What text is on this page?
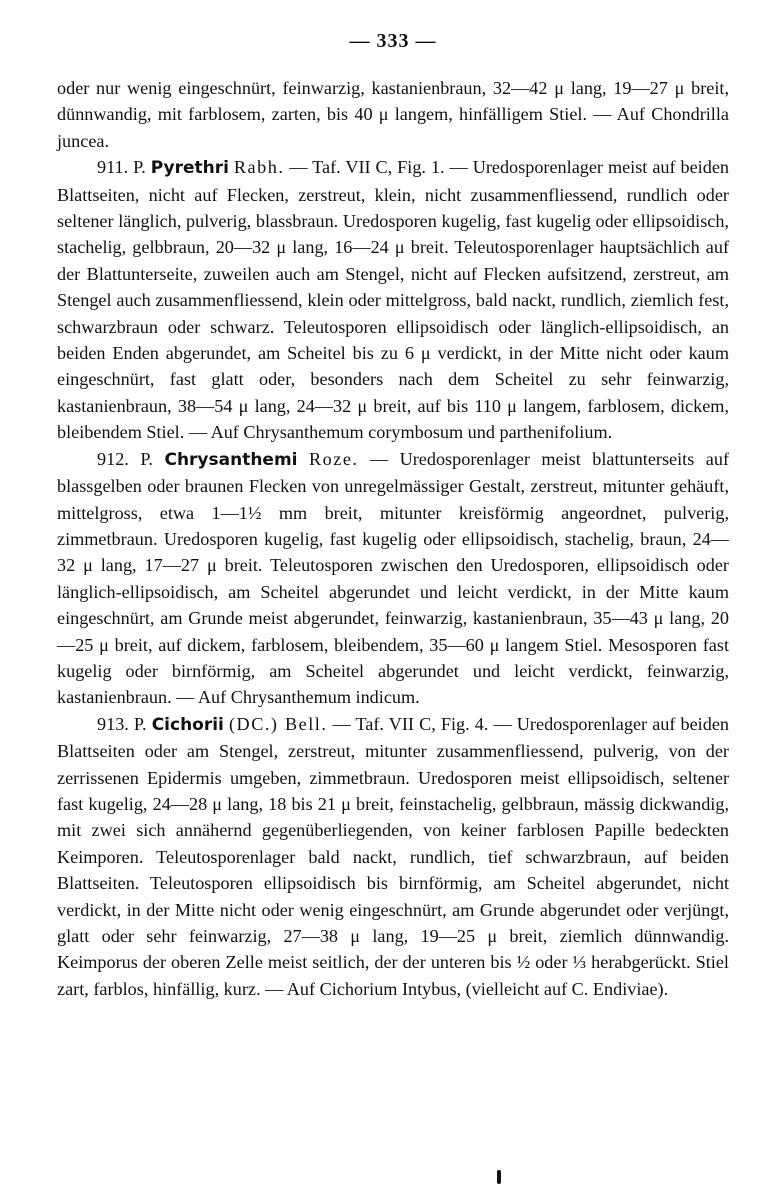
— 333 —

oder nur wenig eingeschnürt, feinwarzig, kastanienbraun, 32—42 μ lang, 19—27 μ breit, dünnwandig, mit farblosem, zarten, bis 40 μ langem, hinfälligem Stiel. — Auf Chondrilla juncea.

911. P. Pyrethri Rabh. — Taf. VII C, Fig. 1. — Uredosporenlager meist auf beiden Blattseiten, nicht auf Flecken, zerstreut, klein, nicht zusammenfliessend, rundlich oder seltener länglich, pulverig, blassbraun. Uredosporen kugelig, fast kugelig oder ellipsoidisch, stachelig, gelbbraun, 20—32 μ lang, 16—24 μ breit. Teleutosporenlager hauptsächlich auf der Blattunterseite, zuweilen auch am Stengel, nicht auf Flecken aufsitzend, zerstreut, am Stengel auch zusammenfliessend, klein oder mittelgross, bald nackt, rundlich, ziemlich fest, schwarzbraun oder schwarz. Teleutosporen ellipsoidisch oder länglich-ellipsoidisch, an beiden Enden abgerundet, am Scheitel bis zu 6 μ verdickt, in der Mitte nicht oder kaum eingeschnürt, fast glatt oder, besonders nach dem Scheitel zu sehr feinwarzig, kastanienbraun, 38—54 μ lang, 24—32 μ breit, auf bis 110 μ langem, farblosem, dickem, bleibendem Stiel. — Auf Chrysanthemum corymbosum und parthenifolium.

912. P. Chrysanthemi Roze. — Uredosporenlager meist blattunterseits auf blassgelben oder braunen Flecken von unregelmässiger Gestalt, zerstreut, mitunter gehäuft, mittelgross, etwa 1—1½ mm breit, mitunter kreisförmig angeordnet, pulverig, zimmetbraun. Uredosporen kugelig, fast kugelig oder ellipsoidisch, stachelig, braun, 24—32 μ lang, 17—27 μ breit. Teleutosporen zwischen den Uredosporen, ellipsoidisch oder länglich-ellipsoidisch, am Scheitel abgerundet und leicht verdickt, in der Mitte kaum eingeschnürt, am Grunde meist abgerundet, feinwarzig, kastanienbraun, 35—43 μ lang, 20—25 μ breit, auf dickem, farblosem, bleibendem, 35—60 μ langem Stiel. Mesosporen fast kugelig oder birnförmig, am Scheitel abgerundet und leicht verdickt, feinwarzig, kastanienbraun. — Auf Chrysanthemum indicum.

913. P. Cichorii (DC.) Bell. — Taf. VII C, Fig. 4. — Uredosporenlager auf beiden Blattseiten oder am Stengel, zerstreut, mitunter zusammenfliessend, pulverig, von der zerrissenen Epidermis umgeben, zimmetbraun. Uredosporen meist ellipsoidisch, seltener fast kugelig, 24—28 μ lang, 18 bis 21 μ breit, feinstachelig, gelbbraun, mässig dickwandig, mit zwei sich annähernd gegenüberliegenden, von keiner farblosen Papille bedeckten Keimporen. Teleutosporenlager bald nackt, rundlich, tief schwarzbraun, auf beiden Blattseiten. Teleutosporen ellipsoidisch bis birnförmig, am Scheitel abgerundet, nicht verdickt, in der Mitte nicht oder wenig eingeschnürt, am Grunde abgerundet oder verjüngt, glatt oder sehr feinwarzig, 27—38 μ lang, 19—25 μ breit, ziemlich dünnwandig. Keimporus der oberen Zelle meist seitlich, der der unteren bis ½ oder ⅓ herabgerückt. Stiel zart, farblos, hinfällig, kurz. — Auf Cichorium Intybus, (vielleicht auf C. Endiviae).
